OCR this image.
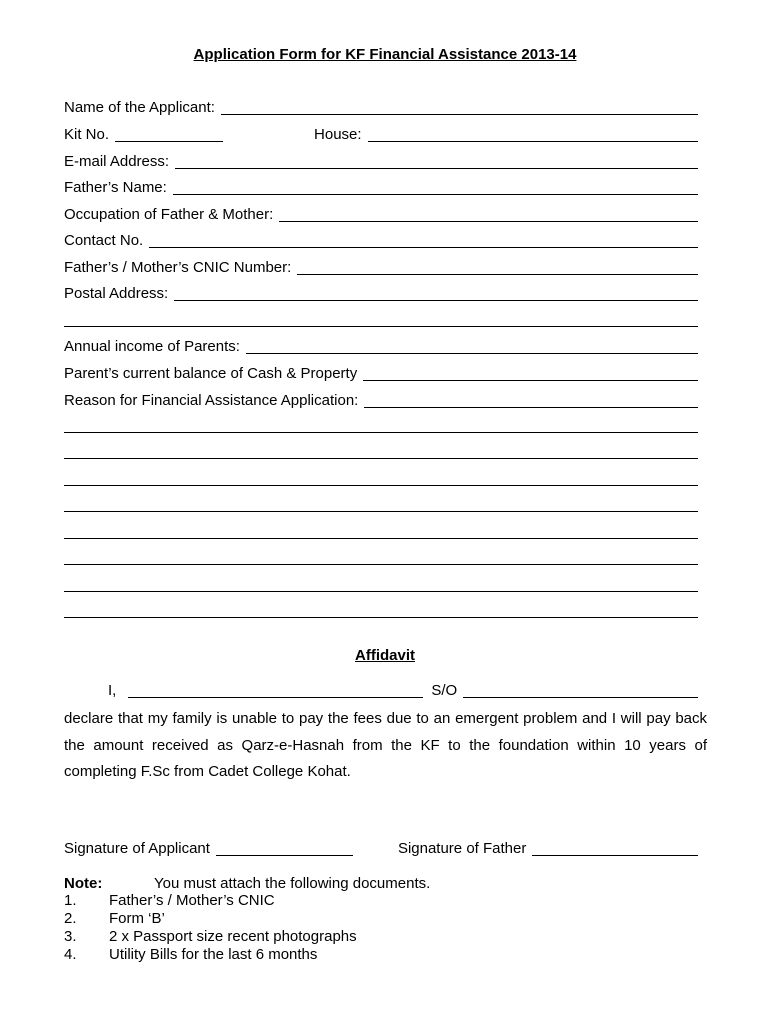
Application Form for KF Financial Assistance 2013-14
Name of the Applicant:
Kit No.	House:
E-mail Address:
Father’s Name:
Occupation of Father & Mother:
Contact No.
Father’s / Mother’s CNIC Number:
Postal Address:
Annual income of Parents:
Parent’s current balance of Cash & Property
Reason for Financial Assistance Application:
Affidavit
I,	S/O
declare that my family is unable to pay the fees due to an emergent problem and I will pay back the amount received as Qarz-e-Hasnah from the KF to the foundation within 10 years of completing F.Sc from Cadet College Kohat.
Signature of Applicant	Signature of Father
Note:	You must attach the following documents.
1.	Father’s / Mother’s CNIC
2.	Form ‘B’
3.	2 x Passport size recent photographs
4.	Utility Bills for the last 6 months
